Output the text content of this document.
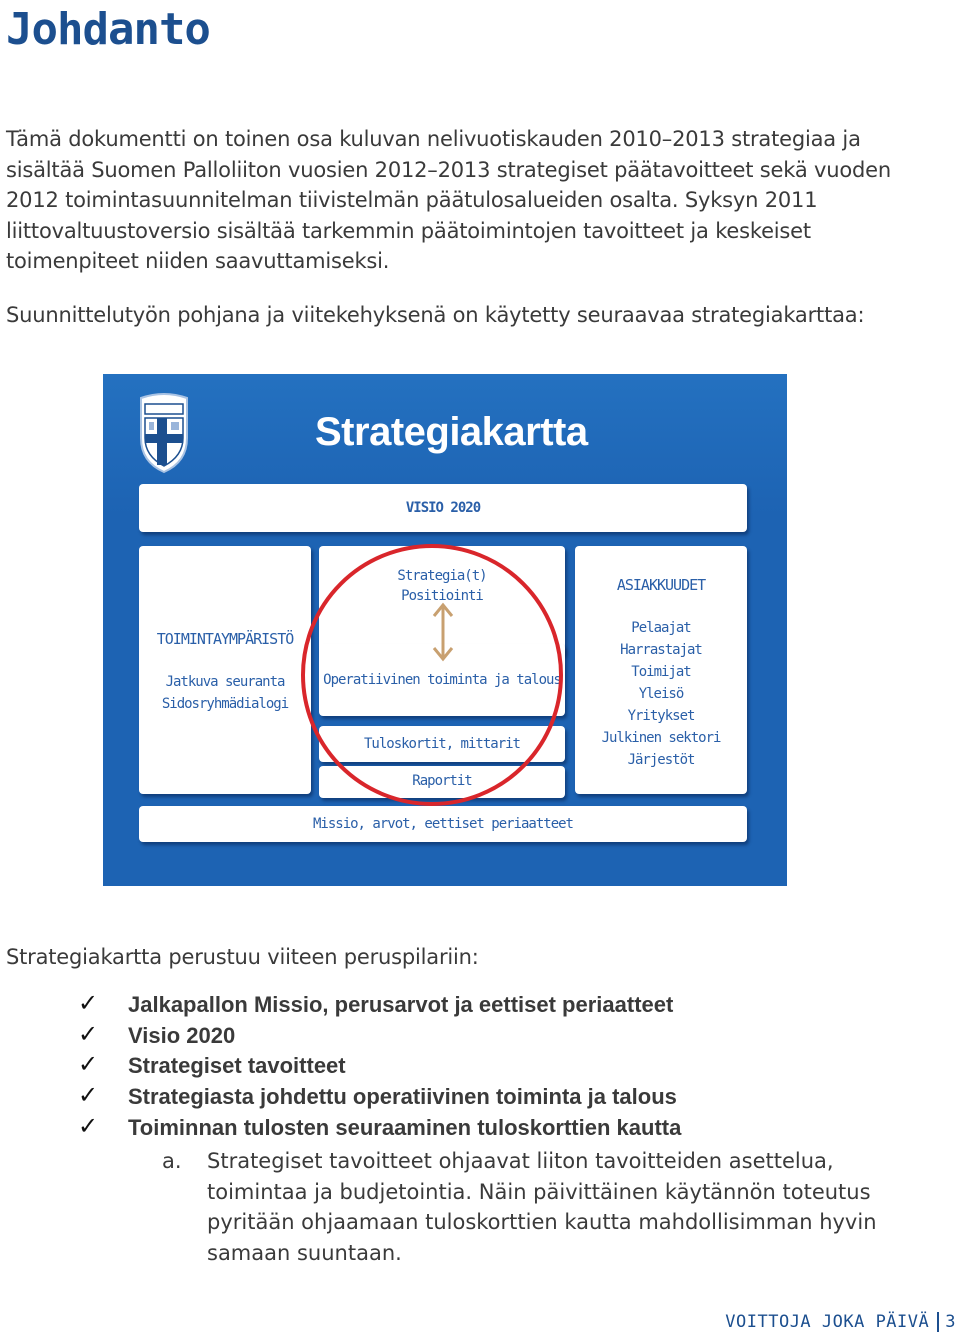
Johdanto

Tämä dokumentti on toinen osa kuluvan nelivuotiskauden 2010–2013 strategiaa ja sisältää Suomen Palloliiton vuosien 2012–2013 strategiset päätavoitteet sekä vuoden 2012 toimintasuunnitelman tiivistelmän päätulosalueiden osalta. Syksyn 2011 liittovaltuustoversio sisältää tarkemmin päätoimintojen tavoitteet ja keskeiset toimenpiteet niiden saavuttamiseksi.

Suunnittelutyön pohjana ja viitekehyksenä on käytetty seuraavaa strategiakarttaa:

Strategiakartta
VISIO 2020
TOIMINTAYMPÄRISTÖ
Jatkuva seuranta
Sidosryhmädialogi
Strategia(t)
Positiointi
Operatiivinen toiminta ja talous
Tuloskortit, mittarit
Raportit
ASIAKKUUDET
Pelaajat
Harrastajat
Toimijat
Yleisö
Yritykset
Julkinen sektori
Järjestöt
Missio, arvot, eettiset periaatteet

Strategiakartta perustuu viiteen peruspilariin:

✓ Jalkapallon Missio, perusarvot ja eettiset periaatteet
✓ Visio 2020
✓ Strategiset tavoitteet
✓ Strategiasta johdettu operatiivinen toiminta ja talous
✓ Toiminnan tulosten seuraaminen tuloskorttien kautta
a. Strategiset tavoitteet ohjaavat liiton tavoitteiden asettelua, toimintaa ja budjetointia. Näin päivittäinen käytännön toteutus pyritään ohjaamaan tuloskorttien kautta mahdollisimman hyvin samaan suuntaan.

VOITTOJA JOKA PÄIVÄ 3
